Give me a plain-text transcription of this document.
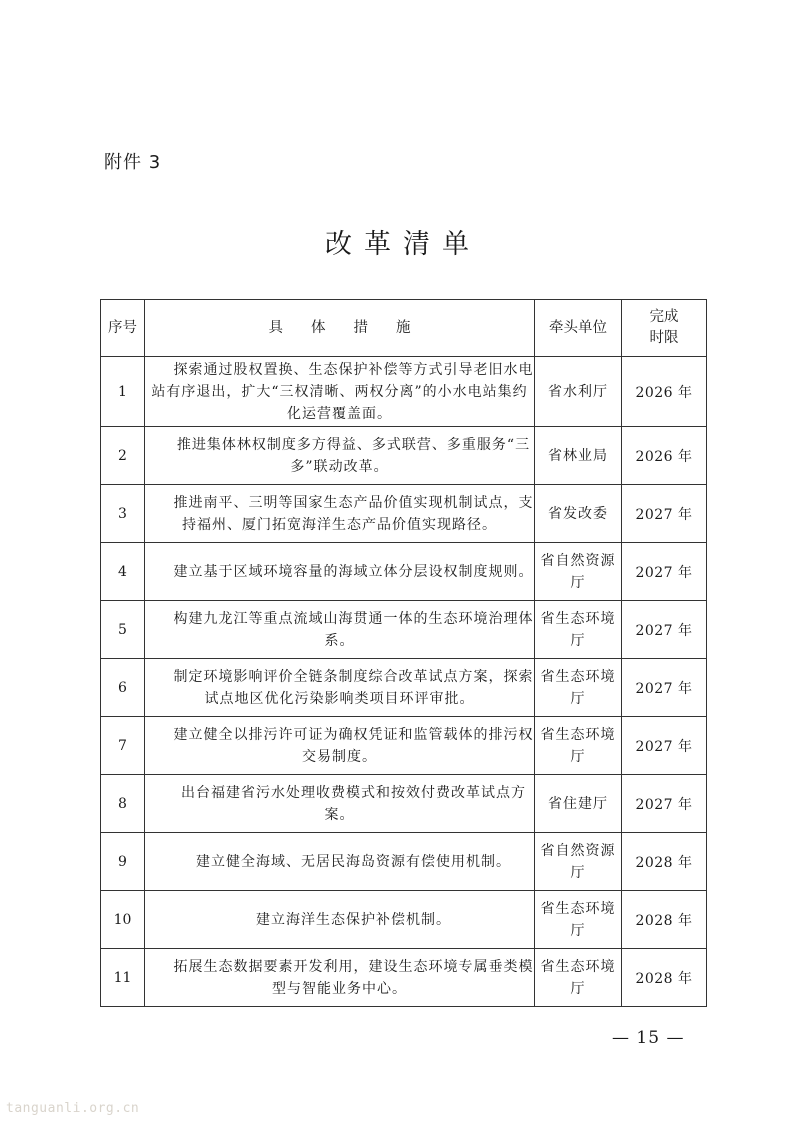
附件 3
改革清单
序号	具体措施	牵头单位	完成
时限

1	探索通过股权置换、生态保护补偿等方式引导老旧水电站有序退出，扩大“三权清晰、两权分离”的小水电站集约化运营覆盖面。	省水利厅	2026 年
2	推进集体林权制度多方得益、多式联营、多重服务“三多”联动改革。	省林业局	2026 年
3	推进南平、三明等国家生态产品价值实现机制试点，支持福州、厦门拓宽海洋生态产品价值实现路径。	省发改委	2027 年
4	建立基于区域环境容量的海域立体分层设权制度规则。	省自然资源厅	2027 年
5	构建九龙江等重点流域山海贯通一体的生态环境治理体系。	省生态环境厅	2027 年
6	制定环境影响评价全链条制度综合改革试点方案，探索试点地区优化污染影响类项目环评审批。	省生态环境厅	2027 年
7	建立健全以排污许可证为确权凭证和监管载体的排污权交易制度。	省生态环境厅	2027 年
8	出台福建省污水处理收费模式和按效付费改革试点方案。	省住建厅	2027 年
9	建立健全海域、无居民海岛资源有偿使用机制。	省自然资源厅	2028 年
10	建立海洋生态保护补偿机制。	省生态环境厅	2028 年
11	拓展生态数据要素开发利用，建设生态环境专属垂类模型与智能业务中心。	省生态环境厅	2028 年
— 15 —
tanguanli.org.cn
